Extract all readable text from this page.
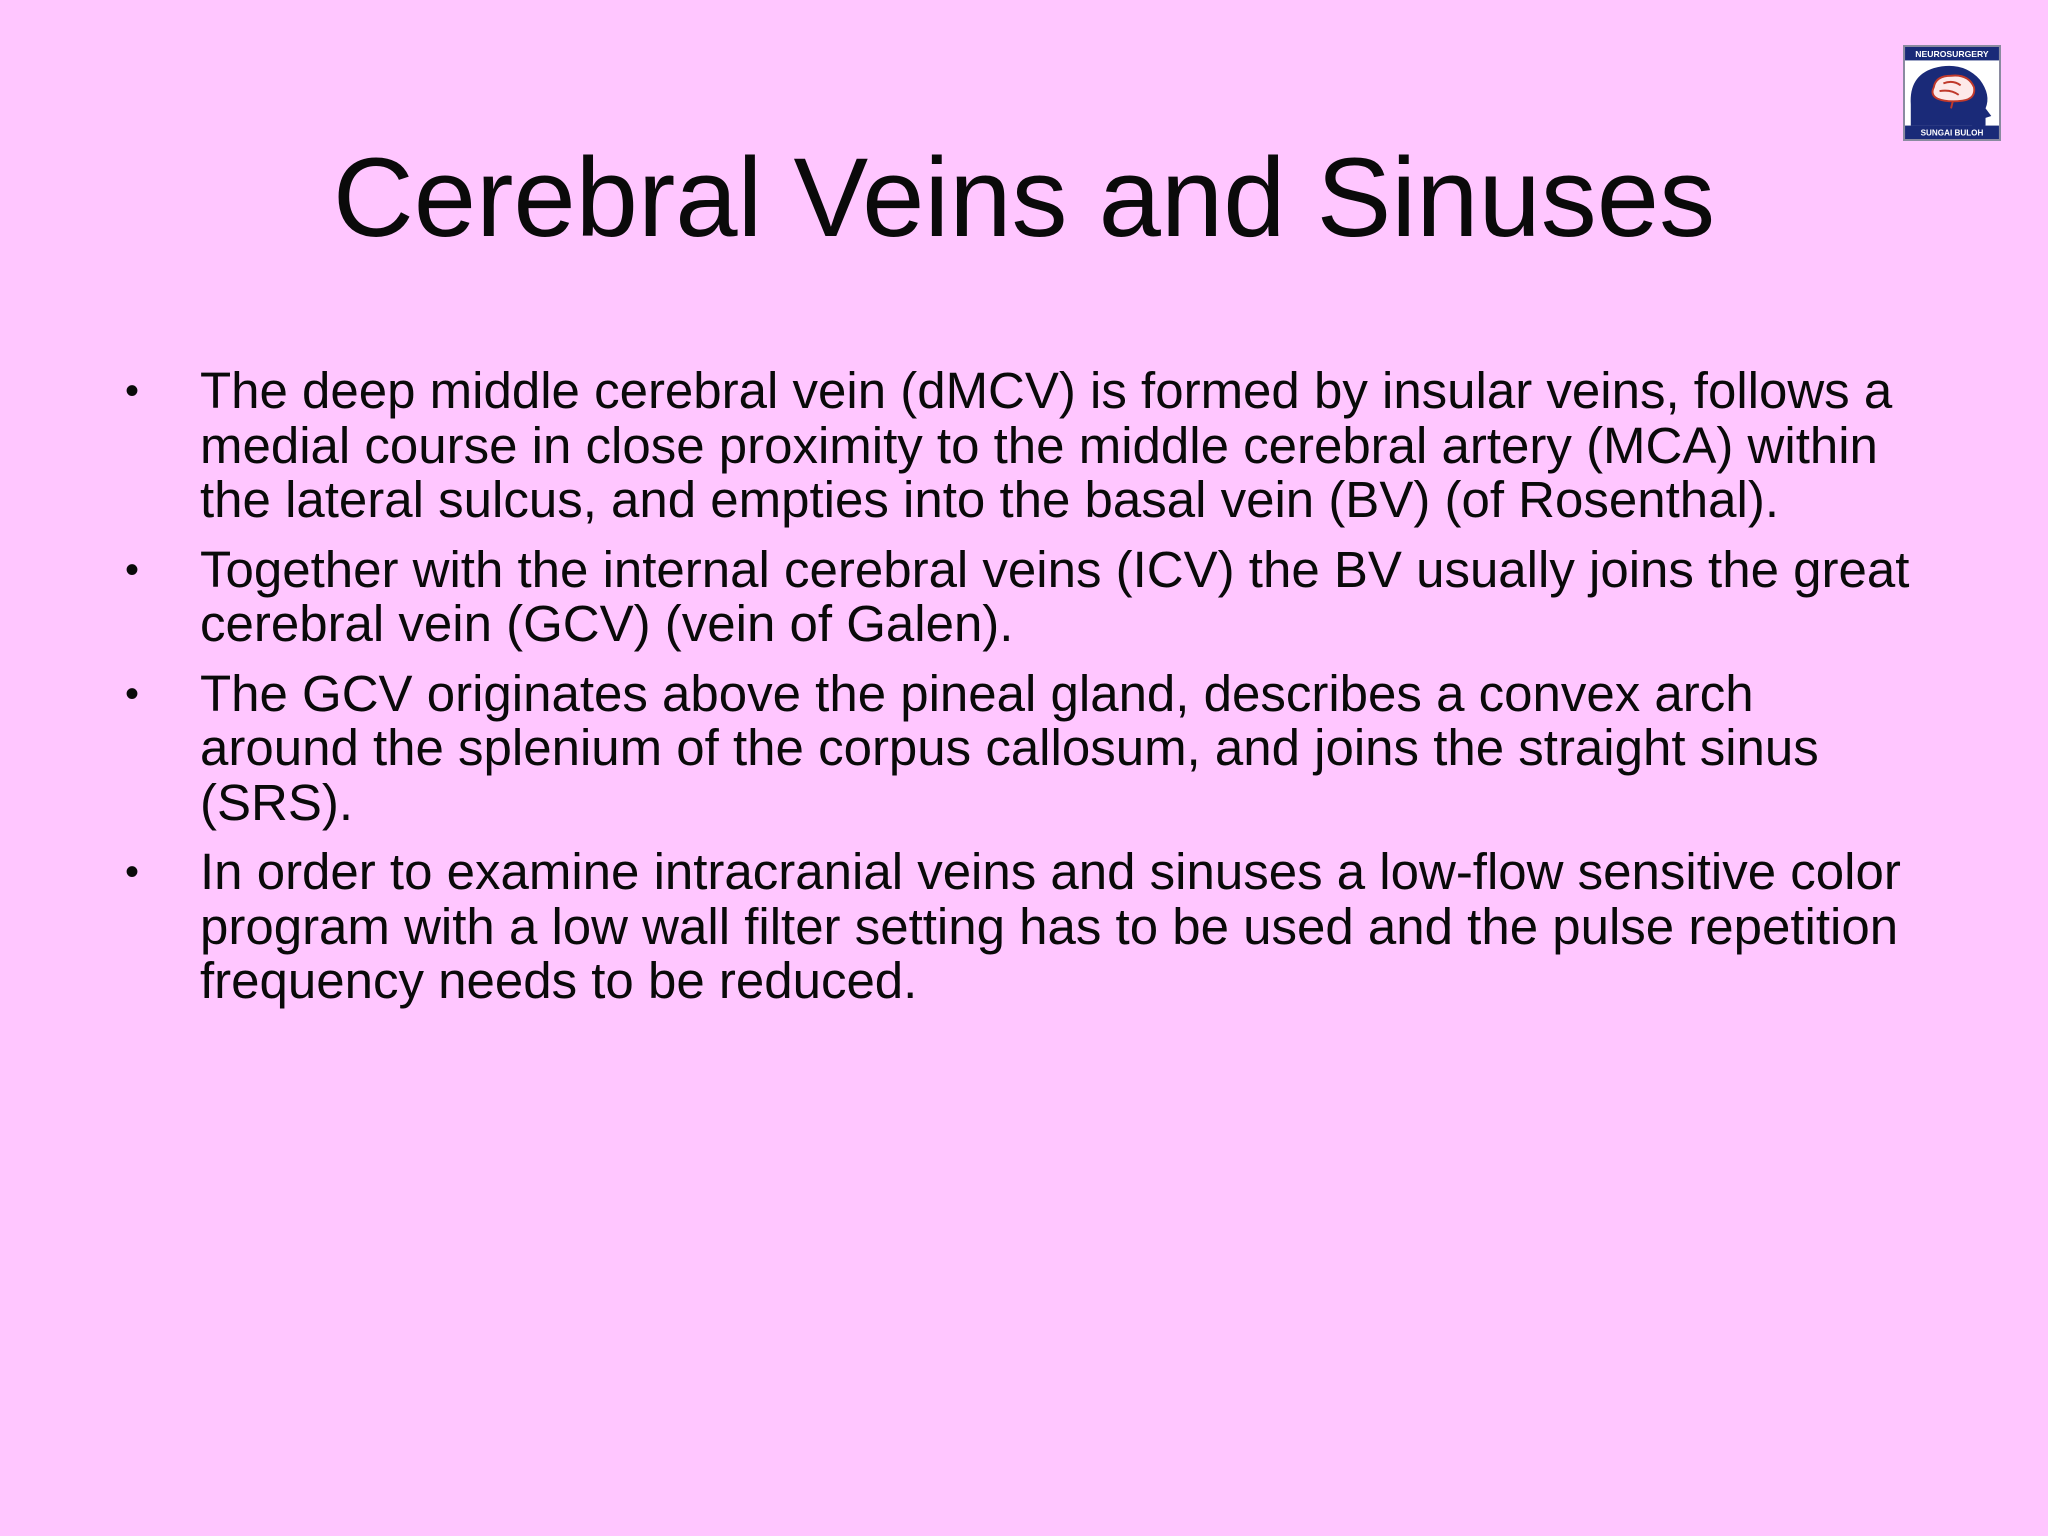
NEUROSURGERY
SUNGAI BULOH
Cerebral Veins and Sinuses
• The deep middle cerebral vein (dMCV) is formed by insular veins, follows a medial course in close proximity to the middle cerebral artery (MCA) within the lateral sulcus, and empties into the basal vein (BV) (of Rosenthal).
• Together with the internal cerebral veins (ICV) the BV usually joins the great cerebral vein (GCV) (vein of Galen).
• The GCV originates above the pineal gland, describes a convex arch around the splenium of the corpus callosum, and joins the straight sinus (SRS).
• In order to examine intracranial veins and sinuses a low-flow sensitive color program with a low wall filter setting has to be used and the pulse repetition frequency needs to be reduced.
